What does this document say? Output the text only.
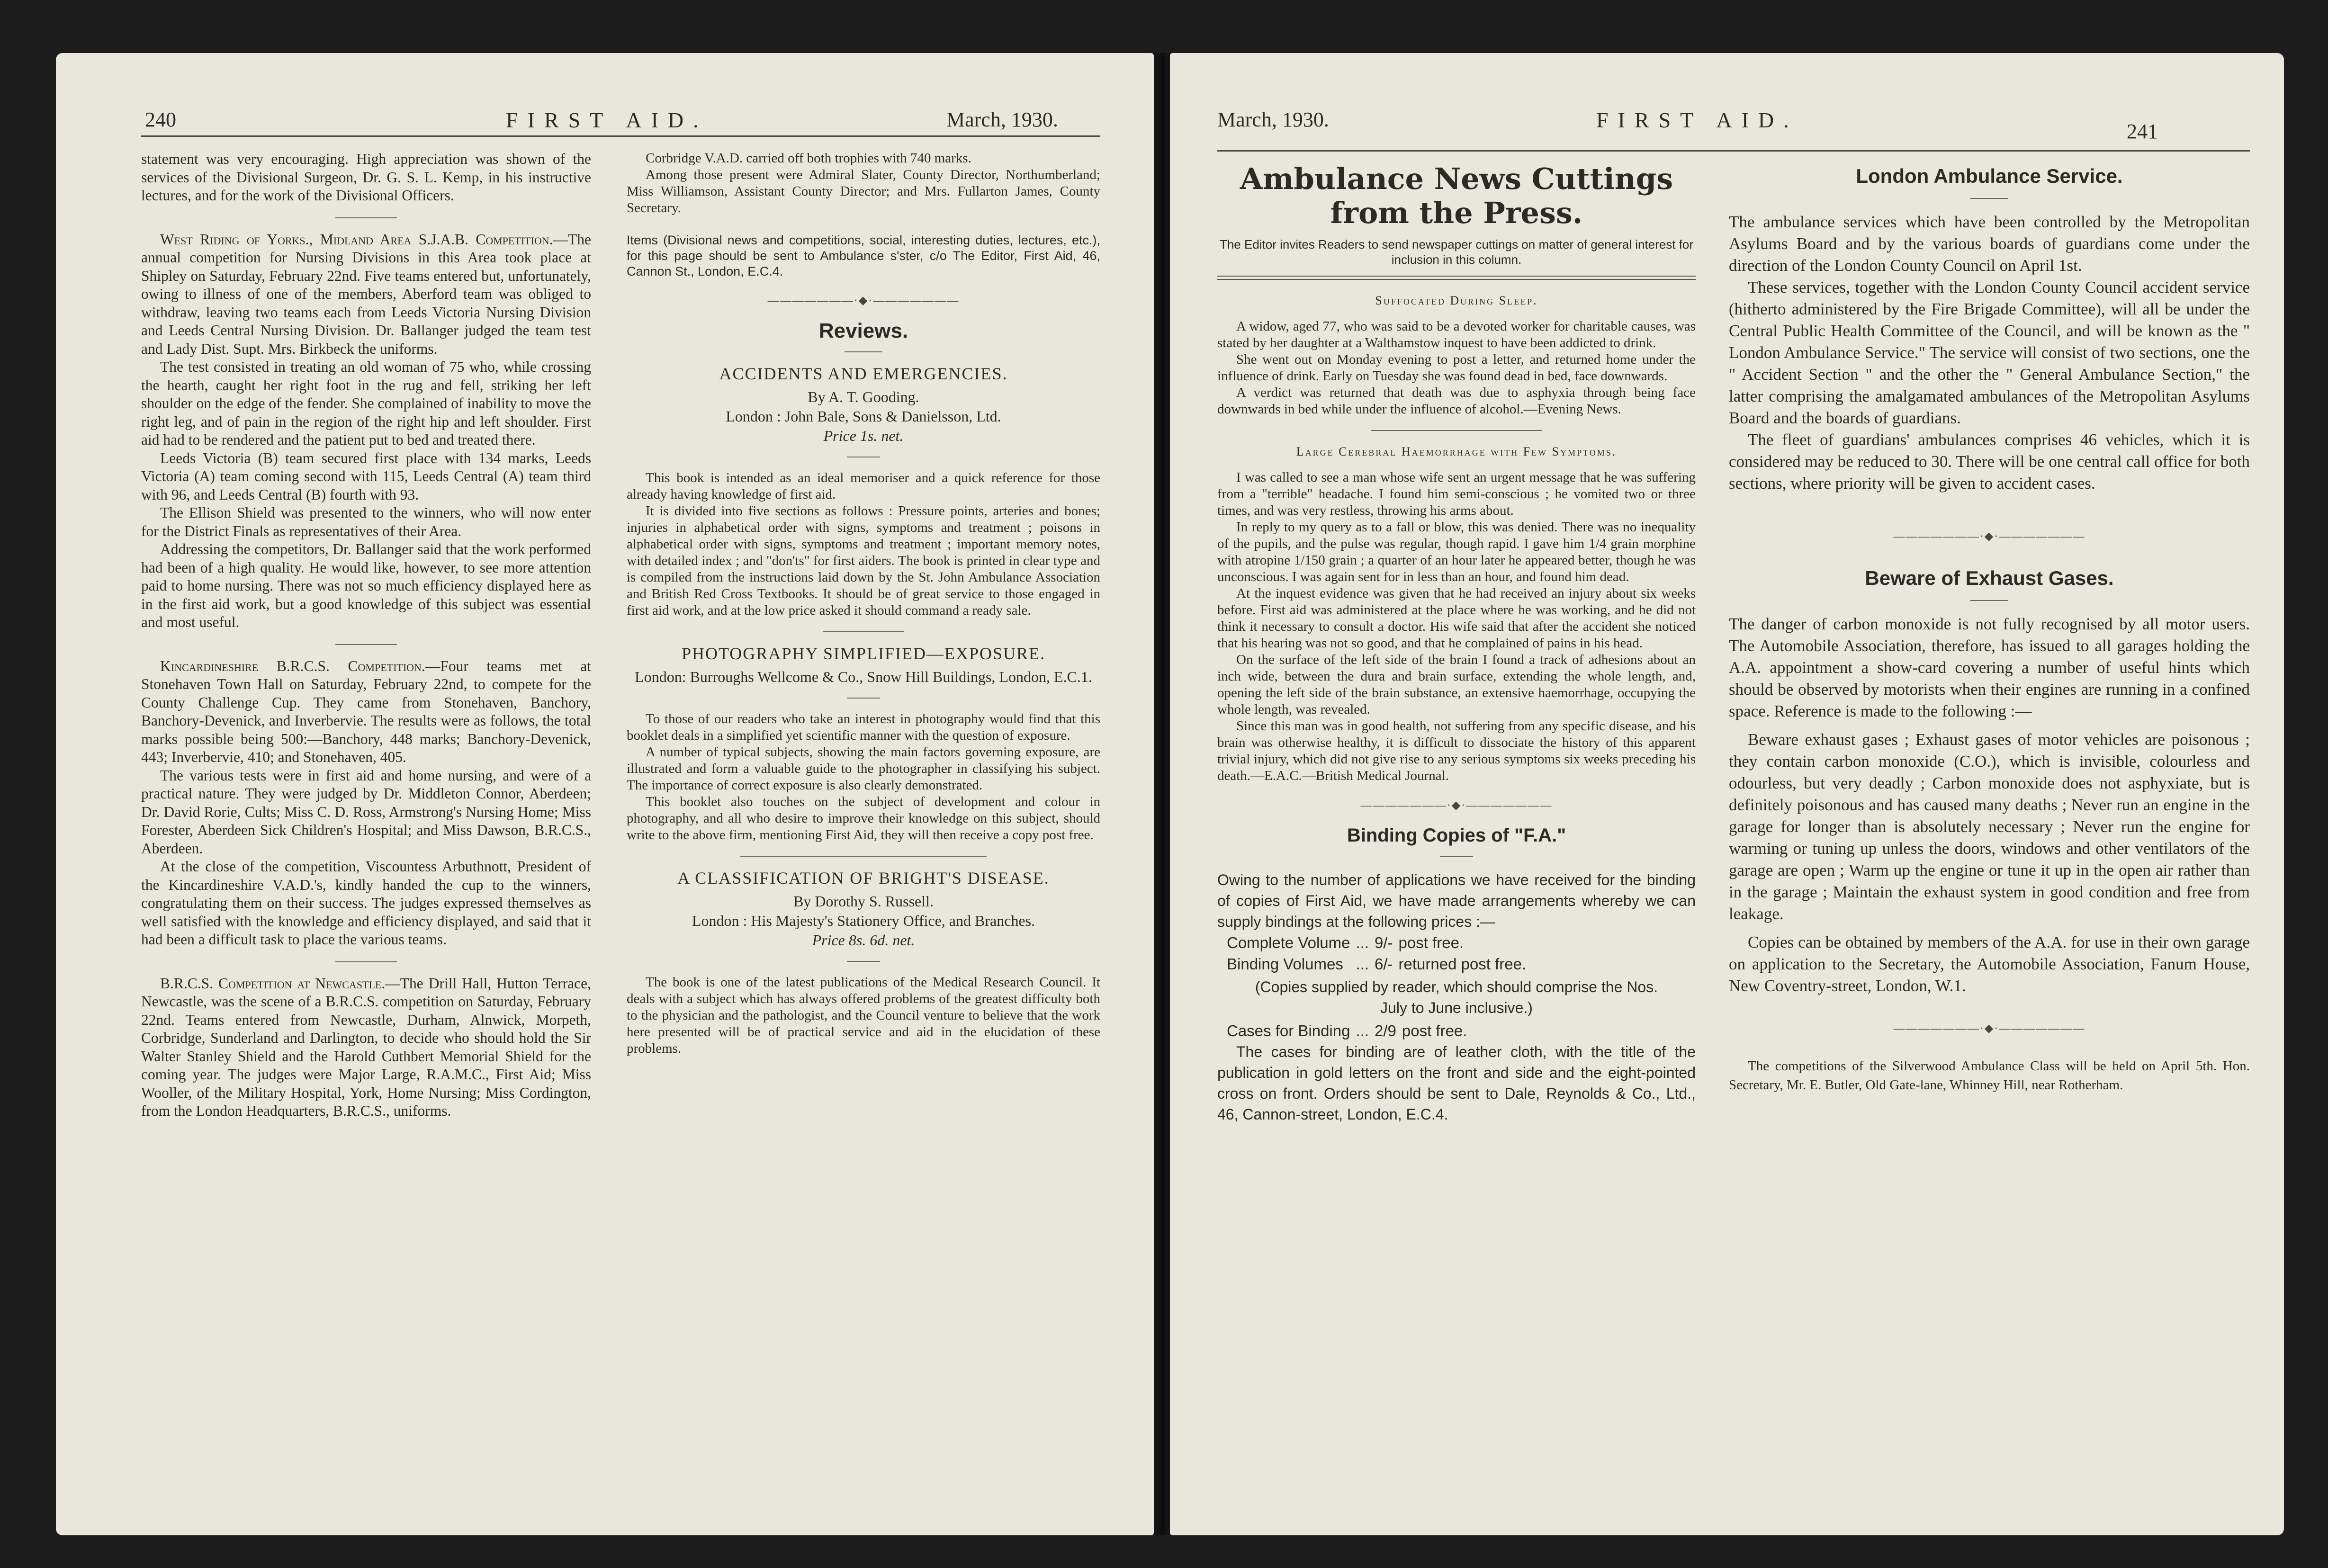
240	FIRST AID.	March, 1930.

statement was very encouraging. High appreciation was shown of the services of the Divisional Surgeon, Dr. G. S. L. Kemp, in his instructive lectures, and for the work of the Divisional Officers.

West Riding of Yorks., Midland Area S.J.A.B. Competition.—The annual competition for Nursing Divisions in this Area took place at Shipley on Saturday, February 22nd. Five teams entered but, unfortunately, owing to illness of one of the members, Aberford team was obliged to withdraw, leaving two teams each from Leeds Victoria Nursing Division and Leeds Central Nursing Division. Dr. Ballanger judged the team test and Lady Dist. Supt. Mrs. Birkbeck the uniforms.

The test consisted in treating an old woman of 75 who, while crossing the hearth, caught her right foot in the rug and fell, striking her left shoulder on the edge of the fender. She complained of inability to move the right leg, and of pain in the region of the right hip and left shoulder. First aid had to be rendered and the patient put to bed and treated there.

Leeds Victoria (B) team secured first place with 134 marks, Leeds Victoria (A) team coming second with 115, Leeds Central (A) team third with 96, and Leeds Central (B) fourth with 93.

The Ellison Shield was presented to the winners, who will now enter for the District Finals as representatives of their Area.

Addressing the competitors, Dr. Ballanger said that the work performed had been of a high quality. He would like, however, to see more attention paid to home nursing. There was not so much efficiency displayed here as in the first aid work, but a good knowledge of this subject was essential and most useful.

Kincardineshire B.R.C.S. Competition.—Four teams met at Stonehaven Town Hall on Saturday, February 22nd, to compete for the County Challenge Cup. They came from Stonehaven, Banchory, Banchory-Devenick, and Inverbervie. The results were as follows, the total marks possible being 500:—Banchory, 448 marks; Banchory-Devenick, 443; Inverbervie, 410; and Stonehaven, 405.

The various tests were in first aid and home nursing, and were of a practical nature. They were judged by Dr. Middleton Connor, Aberdeen; Dr. David Rorie, Cults; Miss C. D. Ross, Armstrong's Nursing Home; Miss Forester, Aberdeen Sick Children's Hospital; and Miss Dawson, B.R.C.S., Aberdeen.

At the close of the competition, Viscountess Arbuthnott, President of the Kincardineshire V.A.D.'s, kindly handed the cup to the winners, congratulating them on their success. The judges expressed themselves as well satisfied with the knowledge and efficiency displayed, and said that it had been a difficult task to place the various teams.

B.R.C.S. Competition at Newcastle.—The Drill Hall, Hutton Terrace, Newcastle, was the scene of a B.R.C.S. competition on Saturday, February 22nd. Teams entered from Newcastle, Durham, Alnwick, Morpeth, Corbridge, Sunderland and Darlington, to decide who should hold the Sir Walter Stanley Shield and the Harold Cuthbert Memorial Shield for the coming year. The judges were Major Large, R.A.M.C., First Aid; Miss Wooller, of the Military Hospital, York, Home Nursing; Miss Cordington, from the London Headquarters, B.R.C.S., uniforms.

Corbridge V.A.D. carried off both trophies with 740 marks.

Among those present were Admiral Slater, County Director, Northumberland; Miss Williamson, Assistant County Director; and Mrs. Fullarton James, County Secretary.

Items (Divisional news and competitions, social, interesting duties, lectures, etc.), for this page should be sent to Ambulance s'ster, c/o The Editor, First Aid, 46, Cannon St., London, E.C.4.

———————·◆·———————
Reviews.
ACCIDENTS AND EMERGENCIES.
By A. T. Gooding.
London : John Bale, Sons & Danielsson, Ltd.
Price 1s. net.

This book is intended as an ideal memoriser and a quick reference for those already having knowledge of first aid.

It is divided into five sections as follows : Pressure points, arteries and bones; injuries in alphabetical order with signs, symptoms and treatment ; poisons in alphabetical order with signs, symptoms and treatment ; important memory notes, with detailed index ; and "don'ts" for first aiders. The book is printed in clear type and is compiled from the instructions laid down by the St. John Ambulance Association and British Red Cross Textbooks. It should be of great service to those engaged in first aid work, and at the low price asked it should command a ready sale.

PHOTOGRAPHY SIMPLIFIED—EXPOSURE.
London: Burroughs Wellcome & Co., Snow Hill Buildings, London, E.C.1.

To those of our readers who take an interest in photography would find that this booklet deals in a simplified yet scientific manner with the question of exposure.

A number of typical subjects, showing the main factors governing exposure, are illustrated and form a valuable guide to the photographer in classifying his subject. The importance of correct exposure is also clearly demonstrated.

This booklet also touches on the subject of development and colour in photography, and all who desire to improve their knowledge on this subject, should write to the above firm, mentioning First Aid, they will then receive a copy post free.

A CLASSIFICATION OF BRIGHT'S DISEASE.
By Dorothy S. Russell.
London : His Majesty's Stationery Office, and Branches.
Price 8s. 6d. net.

The book is one of the latest publications of the Medical Research Council. It deals with a subject which has always offered problems of the greatest difficulty both to the physician and the pathologist, and the Council venture to believe that the work here presented will be of practical service and aid in the elucidation of these problems.

March, 1930.	FIRST AID.	241
Ambulance News Cuttings from the Press.

The Editor invites Readers to send newspaper cuttings on matter of general interest for inclusion in this column.

Suffocated During Sleep.

A widow, aged 77, who was said to be a devoted worker for charitable causes, was stated by her daughter at a Walthamstow inquest to have been addicted to drink.

She went out on Monday evening to post a letter, and returned home under the influence of drink. Early on Tuesday she was found dead in bed, face downwards.

A verdict was returned that death was due to asphyxia through being face downwards in bed while under the influence of alcohol.—Evening News.

Large Cerebral Haemorrhage with Few Symptoms.

I was called to see a man whose wife sent an urgent message that he was suffering from a "terrible" headache. I found him semi-conscious ; he vomited two or three times, and was very restless, throwing his arms about.

In reply to my query as to a fall or blow, this was denied. There was no inequality of the pupils, and the pulse was regular, though rapid. I gave him 1/4 grain morphine with atropine 1/150 grain ; a quarter of an hour later he appeared better, though he was unconscious. I was again sent for in less than an hour, and found him dead.

At the inquest evidence was given that he had received an injury about six weeks before. First aid was administered at the place where he was working, and he did not think it necessary to consult a doctor. His wife said that after the accident she noticed that his hearing was not so good, and that he complained of pains in his head.

On the surface of the left side of the brain I found a track of adhesions about an inch wide, between the dura and brain surface, extending the whole length, and, opening the left side of the brain substance, an extensive haemorrhage, occupying the whole length, was revealed.

Since this man was in good health, not suffering from any specific disease, and his brain was otherwise healthy, it is difficult to dissociate the history of this apparent trivial injury, which did not give rise to any serious symptoms six weeks preceding his death.—E.A.C.—British Medical Journal.

———————·◆·———————
Binding Copies of "F.A."

Owing to the number of applications we have received for the binding of copies of First Aid, we have made arrangements whereby we can supply bindings at the following prices :—

Complete Volume	...	9/-	post free.
Binding Volumes	...	6/-	returned post free.

(Copies supplied by reader, which should comprise the Nos. July to June inclusive.)

Cases for Binding	...	2/9	post free.

The cases for binding are of leather cloth, with the title of the publication in gold letters on the front and side and the eight-pointed cross on front. Orders should be sent to Dale, Reynolds & Co., Ltd., 46, Cannon-street, London, E.C.4.

London Ambulance Service.

The ambulance services which have been controlled by the Metropolitan Asylums Board and by the various boards of guardians come under the direction of the London County Council on April 1st.

These services, together with the London County Council accident service (hitherto administered by the Fire Brigade Committee), will all be under the Central Public Health Committee of the Council, and will be known as the " London Ambulance Service." The service will consist of two sections, one the " Accident Section " and the other the " General Ambulance Section," the latter comprising the amalgamated ambulances of the Metropolitan Asylums Board and the boards of guardians.

The fleet of guardians' ambulances comprises 46 vehicles, which it is considered may be reduced to 30. There will be one central call office for both sections, where priority will be given to accident cases.

———————·◆·———————
Beware of Exhaust Gases.

The danger of carbon monoxide is not fully recognised by all motor users. The Automobile Association, therefore, has issued to all garages holding the A.A. appointment a show-card covering a number of useful hints which should be observed by motorists when their engines are running in a confined space. Reference is made to the following :—

Beware exhaust gases ; Exhaust gases of motor vehicles are poisonous ; they contain carbon monoxide (C.O.), which is invisible, colourless and odourless, but very deadly ; Carbon monoxide does not asphyxiate, but is definitely poisonous and has caused many deaths ; Never run an engine in the garage for longer than is absolutely necessary ; Never run the engine for warming or tuning up unless the doors, windows and other ventilators of the garage are open ; Warm up the engine or tune it up in the open air rather than in the garage ; Maintain the exhaust system in good condition and free from leakage.

Copies can be obtained by members of the A.A. for use in their own garage on application to the Secretary, the Automobile Association, Fanum House, New Coventry-street, London, W.1.

———————·◆·———————

The competitions of the Silverwood Ambulance Class will be held on April 5th. Hon. Secretary, Mr. E. Butler, Old Gate-lane, Whinney Hill, near Rotherham.
